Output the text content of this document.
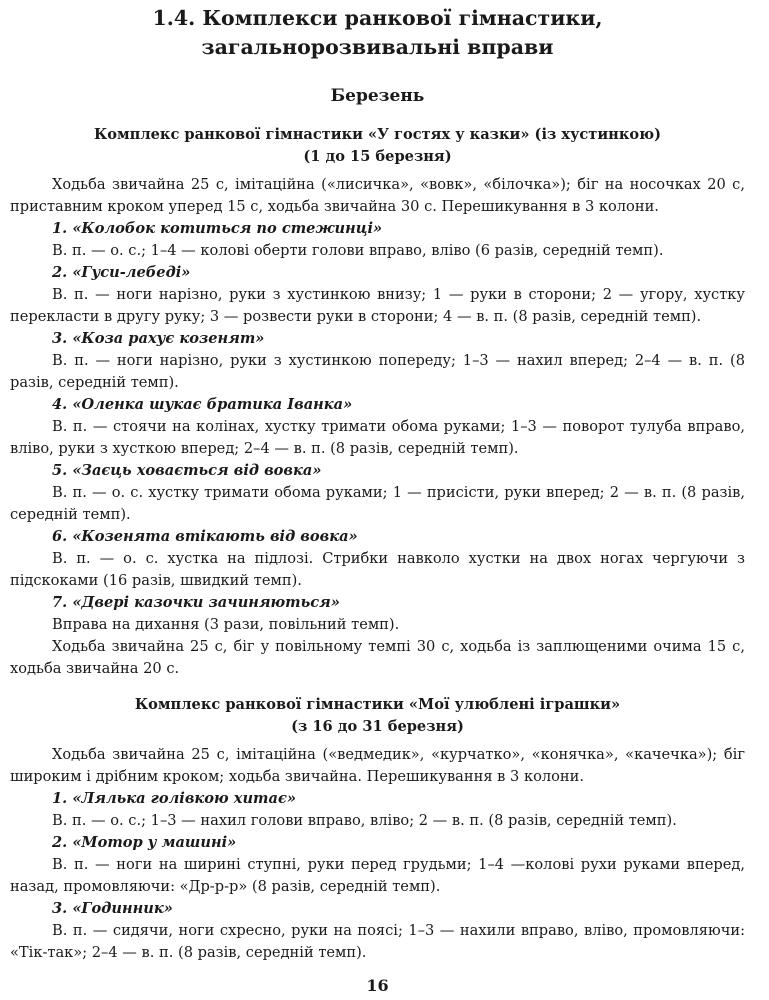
1.4. Комплекси ранкової гімнастики,
загальнорозвивальні вправи
Березень
Комплекс ранкової гімнастики «У гостях у казки» (із хустинкою)
(1 до 15 березня)

Ходьба звичайна 25 с, імітаційна («лисичка», «вовк», «білочка»); біг на носочках 20 с, приставним кроком уперед 15 с, ходьба звичайна 30 с. Перешикування в 3 колони.

1. «Колобок котиться по стежинці»

В. п. — о. с.; 1–4 — колові оберти голови вправо, вліво (6 разів, середній темп).

2. «Гуси-лебеді»

В. п. — ноги нарізно, руки з хустинкою внизу; 1 — руки в сторони; 2 — угору, хустку перекласти в другу руку; 3 — розвести руки в сторони; 4 — в. п. (8 разів, середній темп).

3. «Коза рахує козенят»

В. п. — ноги нарізно, руки з хустинкою попереду; 1–3 — нахил вперед; 2–4 — в. п. (8 разів, середній темп).

4. «Оленка шукає братика Іванка»

В. п. — стоячи на колінах, хустку тримати обома руками; 1–3 — поворот тулуба вправо, вліво, руки з хусткою вперед; 2–4 — в. п. (8 разів, середній темп).

5. «Заєць ховається від вовка»

В. п. — о. с. хустку тримати обома руками; 1 — присісти, руки вперед; 2 — в. п. (8 разів, середній темп).

6. «Козенята втікають від вовка»

В. п. — о. с. хустка на підлозі. Стрибки навколо хустки на двох ногах чергуючи з підскоками (16 разів, швидкий темп).

7. «Двері казочки зачиняються»

Вправа на дихання (3 рази, повільний темп).

Ходьба звичайна 25 с, біг у повільному темпі 30 с, ходьба із заплющеними очима 15 с, ходьба звичайна 20 с.

Комплекс ранкової гімнастики «Мої улюблені іграшки»
(з 16 до 31 березня)

Ходьба звичайна 25 с, імітаційна («ведмедик», «курчатко», «конячка», «качечка»); біг широким і дрібним кроком; ходьба звичайна. Перешикування в 3 колони.

1. «Лялька голівкою хитає»

В. п. — о. с.; 1–3 — нахил голови вправо, вліво; 2 — в. п. (8 разів, середній темп).

2. «Мотор у машині»

В. п. — ноги на ширині ступні, руки перед грудьми; 1–4 —колові рухи руками вперед, назад, промовляючи: «Др-р-р» (8 разів, середній темп).

3. «Годинник»

В. п. — сидячи, ноги схресно, руки на поясі; 1–3 — нахили вправо, вліво, промовляючи: «Тік-так»; 2–4 — в. п. (8 разів, середній темп).

16
